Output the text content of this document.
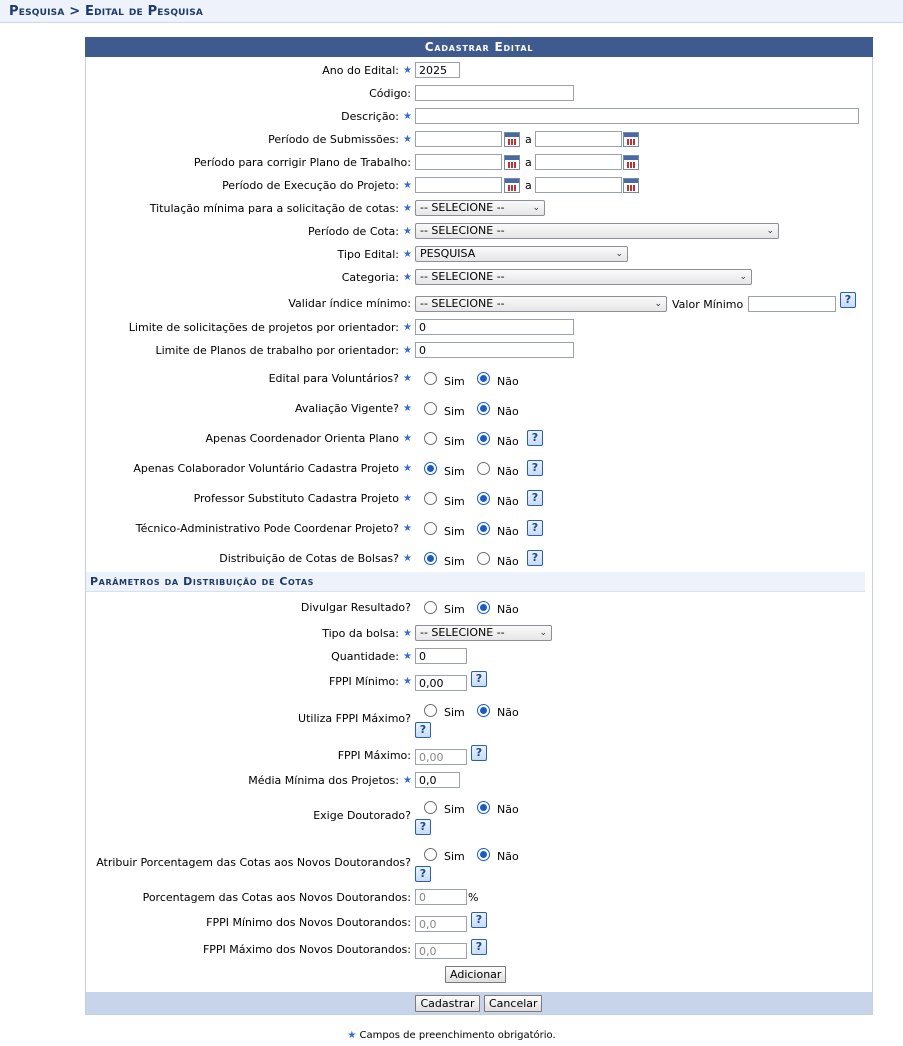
Pesquisa > Edital de Pesquisa
Cadastrar Edital
Ano do Edital: ★
2025
Código:
Descrição: ★
Período de Submissões: ★	a
Período para corrigir Plano de Trabalho:	a
Período de Execução do Projeto: ★	a
Titulação mínima para a solicitação de cotas: ★ -- SELECIONE --	⌄
Período de Cota: ★ -- SELECIONE --	⌄
Tipo Edital: ★ PESQUISA	⌄
Categoria: ★ -- SELECIONE --	⌄
Validar índice mínimo: -- SELECIONE --	⌄ Valor Mínimo	?
Limite de solicitações de projetos por orientador: ★
0
Limite de Planos de trabalho por orientador: ★
0
Edital para Voluntários? ★	Sim	Não
Avaliação Vigente? ★	Sim	Não
Apenas Coordenador Orienta Plano ★	Sim	Não	?
Apenas Colaborador Voluntário Cadastra Projeto ★	Sim	Não	?
Professor Substituto Cadastra Projeto ★	Sim	Não	?
Técnico-Administrativo Pode Coordenar Projeto? ★	Sim	Não	?
Distribuição de Cotas de Bolsas? ★	Sim	Não	?
Parâmetros da Distribuição de Cotas
Divulgar Resultado?	Sim	Não
Tipo da bolsa: ★ -- SELECIONE --	⌄
Quantidade: ★
0
FPPI Mínimo: ★
0,00	?
Utiliza FPPI Máximo?	Sim	Não
?
FPPI Máximo:
0,00	?
Média Mínima dos Projetos: ★
0,0
Exige Doutorado?	Sim	Não
?
Atribuir Porcentagem das Cotas aos Novos Doutorandos?	Sim	Não
?
Porcentagem das Cotas aos Novos Doutorandos:
0	%
FPPI Mínimo dos Novos Doutorandos:
0,0	?
FPPI Máximo dos Novos Doutorandos:
0,0	?
Adicionar
Cadastrar	Cancelar
★ Campos de preenchimento obrigatório.
